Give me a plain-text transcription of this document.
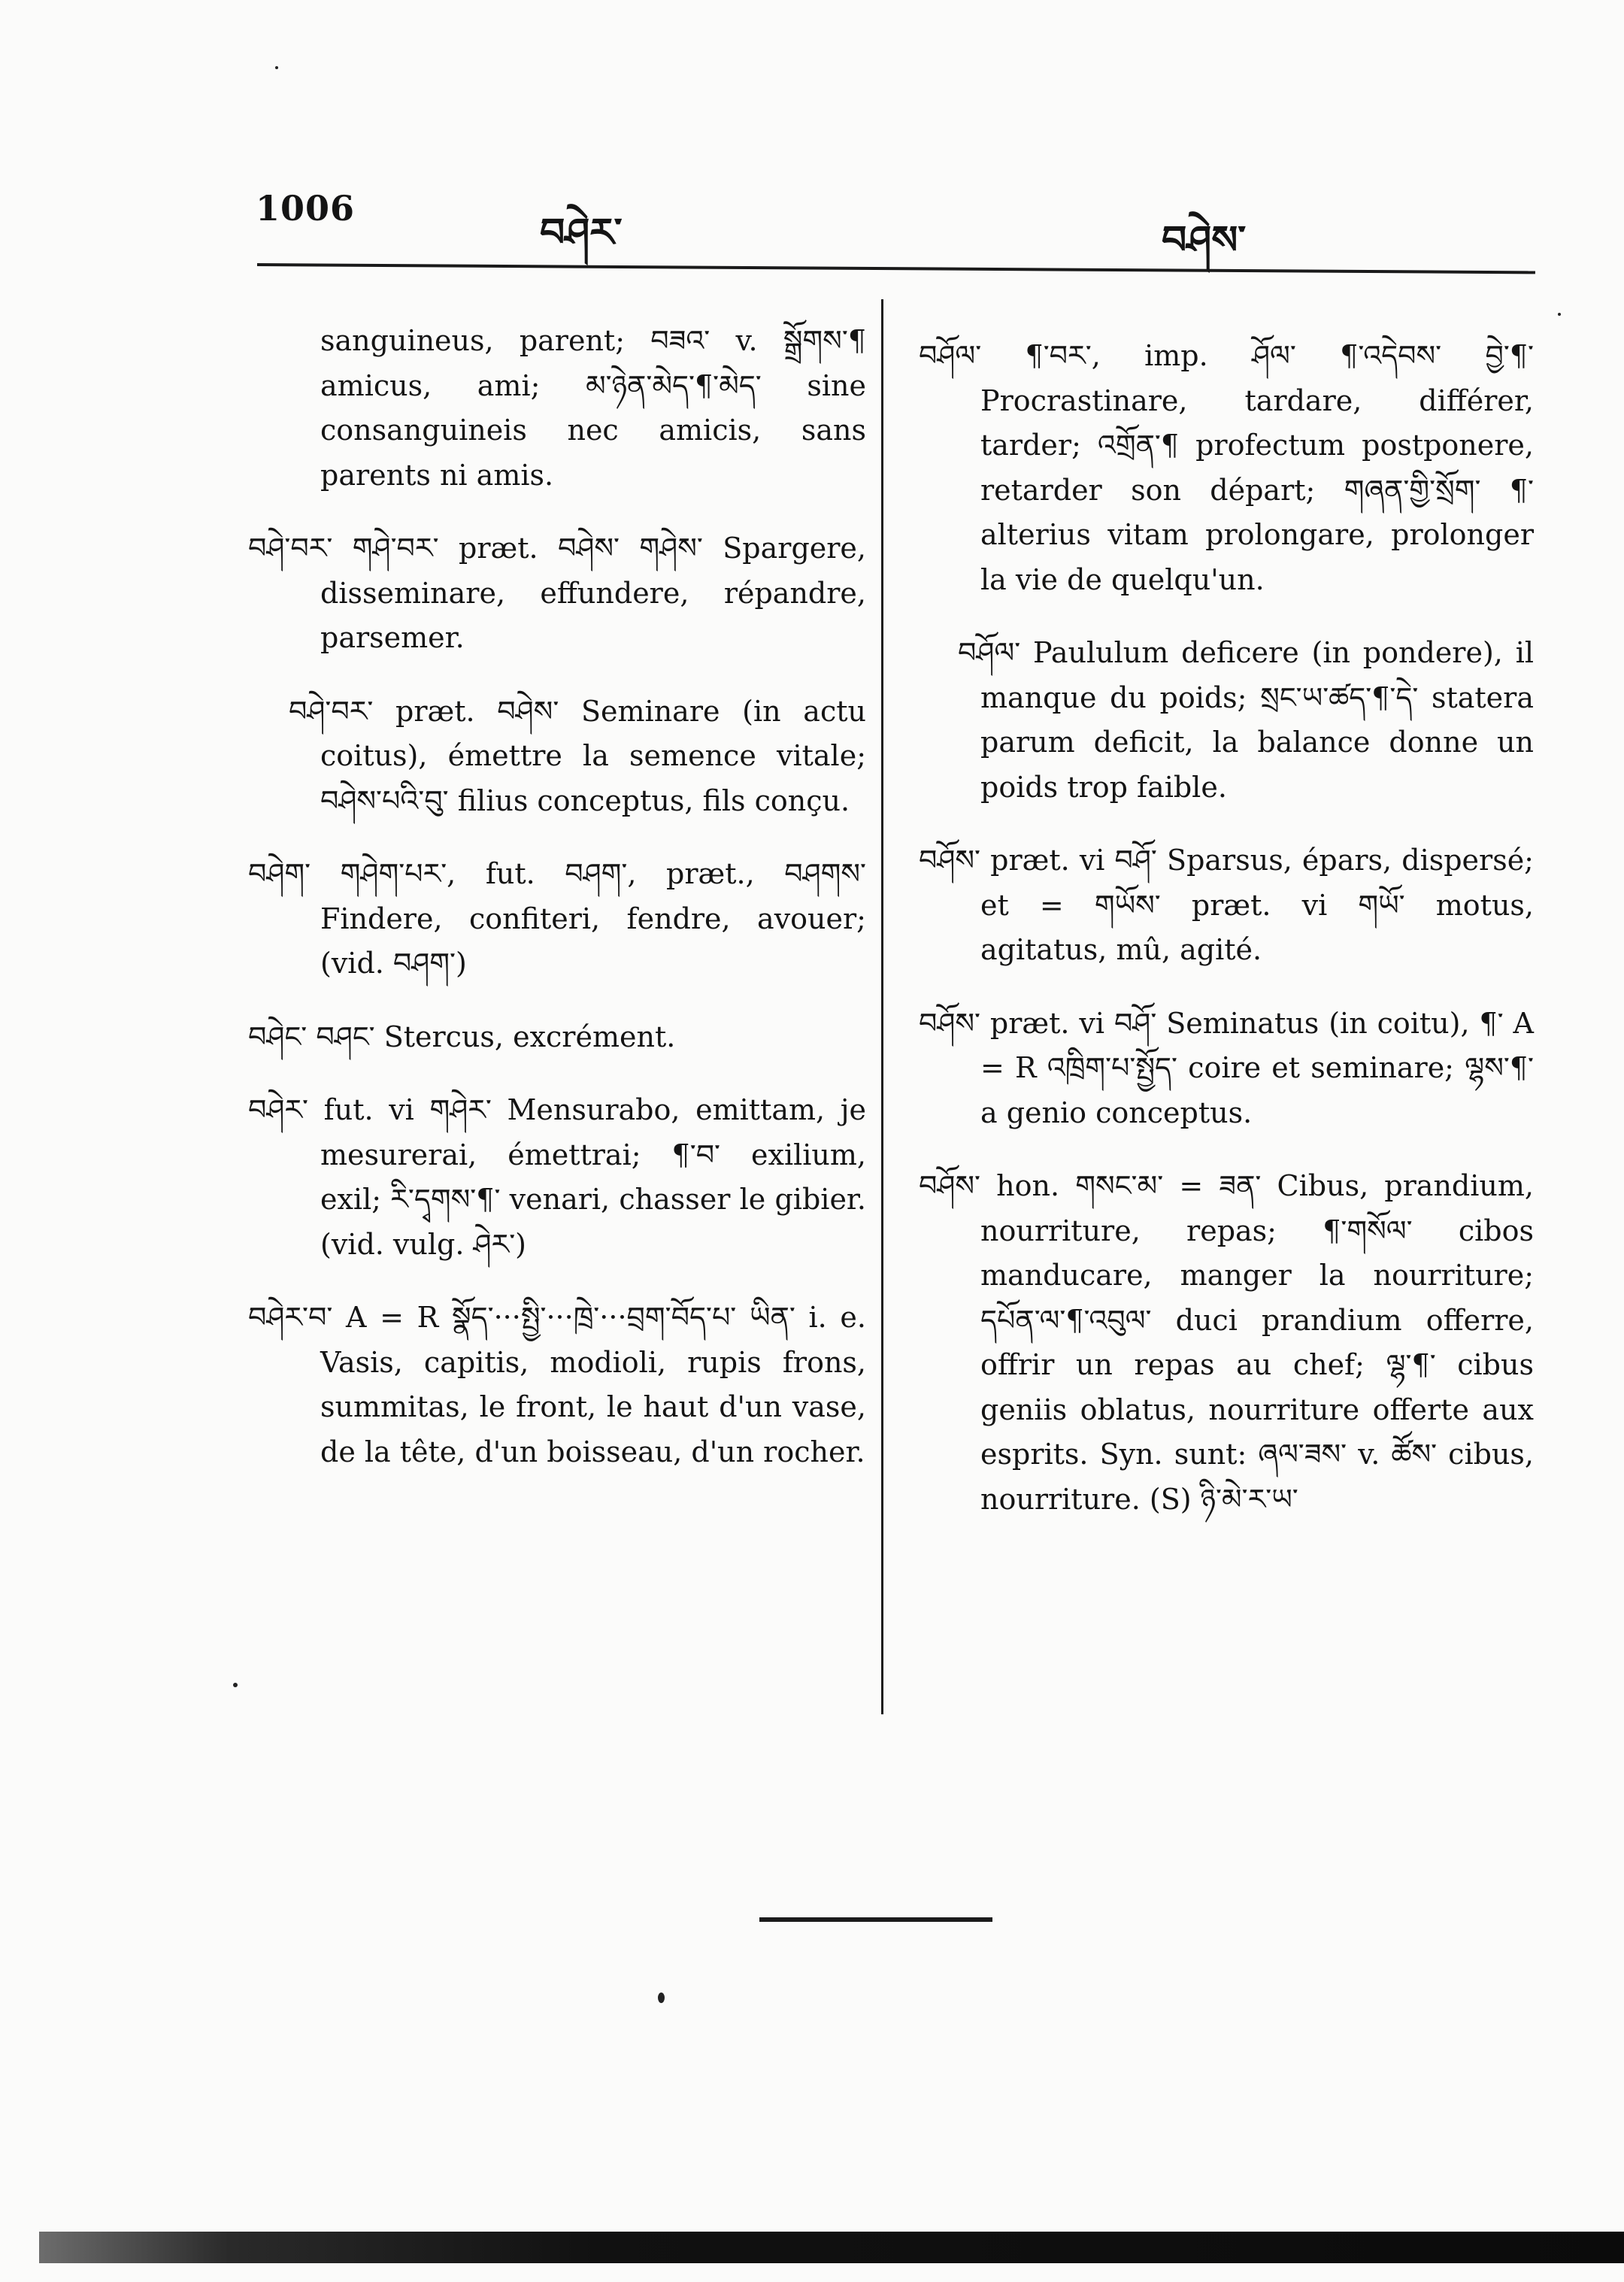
1006
བཤེར་	བཤེས་

sanguineus, parent; བཟའ་ v. སྒྲོགས་¶ amicus, ami; མ་ཉེན་མེད་¶་མེད་ sine consanguineis nec amicis, sans parents ni amis.

བཤེ་བར་ གཤེ་བར་ præt. བཤེས་ གཤེས་ Spargere, disseminare, effundere, répandre, parsemer.

བཤེ་བར་ præt. བཤེས་ Seminare (in actu coitus), émettre la semence vitale; བཤེས་པའི་བུ་ filius conceptus, fils conçu.

བཤེག་ གཤེག་པར་, fut. བཤག་, præt., བཤགས་ Findere, confiteri, fendre, avouer; (vid. བཤག་)

བཤེང་ བཤང་ Stercus, excrément.

བཤེར་ fut. vi གཤེར་ Mensurabo, emittam, je mesurerai, émettrai; ¶་བ་ exilium, exil; རི་དྭགས་¶་ venari, chasser le gibier. (vid. vulg. ཤེར་)

བཤེར་བ་ A = R སྣོད་···སྤྱི་···ཁྲེ་···བྲག་བོད་པ་ ཡིན་ i. e. Vasis, capitis, modioli, rupis frons, summitas, le front, le haut d'un vase, de la tête, d'un boisseau, d'un rocher.

བཤོལ་ ¶་བར་, imp. ཤོལ་ ¶་འདེབས་ བྱེ་¶་ Procrastinare, tardare, différer, tarder; འགྲོན་¶ profectum postponere, retarder son départ; གཞན་གྱི་སྲོག་ ¶་ alterius vitam prolongare, prolonger la vie de quelqu'un.

བཤོལ་ Paululum deficere (in pondere), il manque du poids; སྲང་ཡ་ཚད་¶་དེ་ statera parum deficit, la balance donne un poids trop faible.

བཤོས་ præt. vi བཤོ་ Sparsus, épars, dispersé; et = གཡོས་ præt. vi གཡོ་ motus, agitatus, mû, agité.

བཤོས་ præt. vi བཤོ་ Seminatus (in coitu), ¶་ A = R འཁྲིག་པ་སྤྱོད་ coire et seminare; ལྷས་¶་ a genio conceptus.

བཤོས་ hon. གསང་མ་ = ཟན་ Cibus, prandium, nourriture, repas; ¶་གསོལ་ cibos manducare, manger la nourriture; དཔོན་ལ་¶་འབུལ་ duci prandium offerre, offrir un repas au chef; ལྷ་¶་ cibus geniis oblatus, nourriture offerte aux esprits. Syn. sunt: ཞལ་ཟས་ v. ཚོས་ cibus, nourriture. (S) ཉི་མེ་ར་ཡ་
